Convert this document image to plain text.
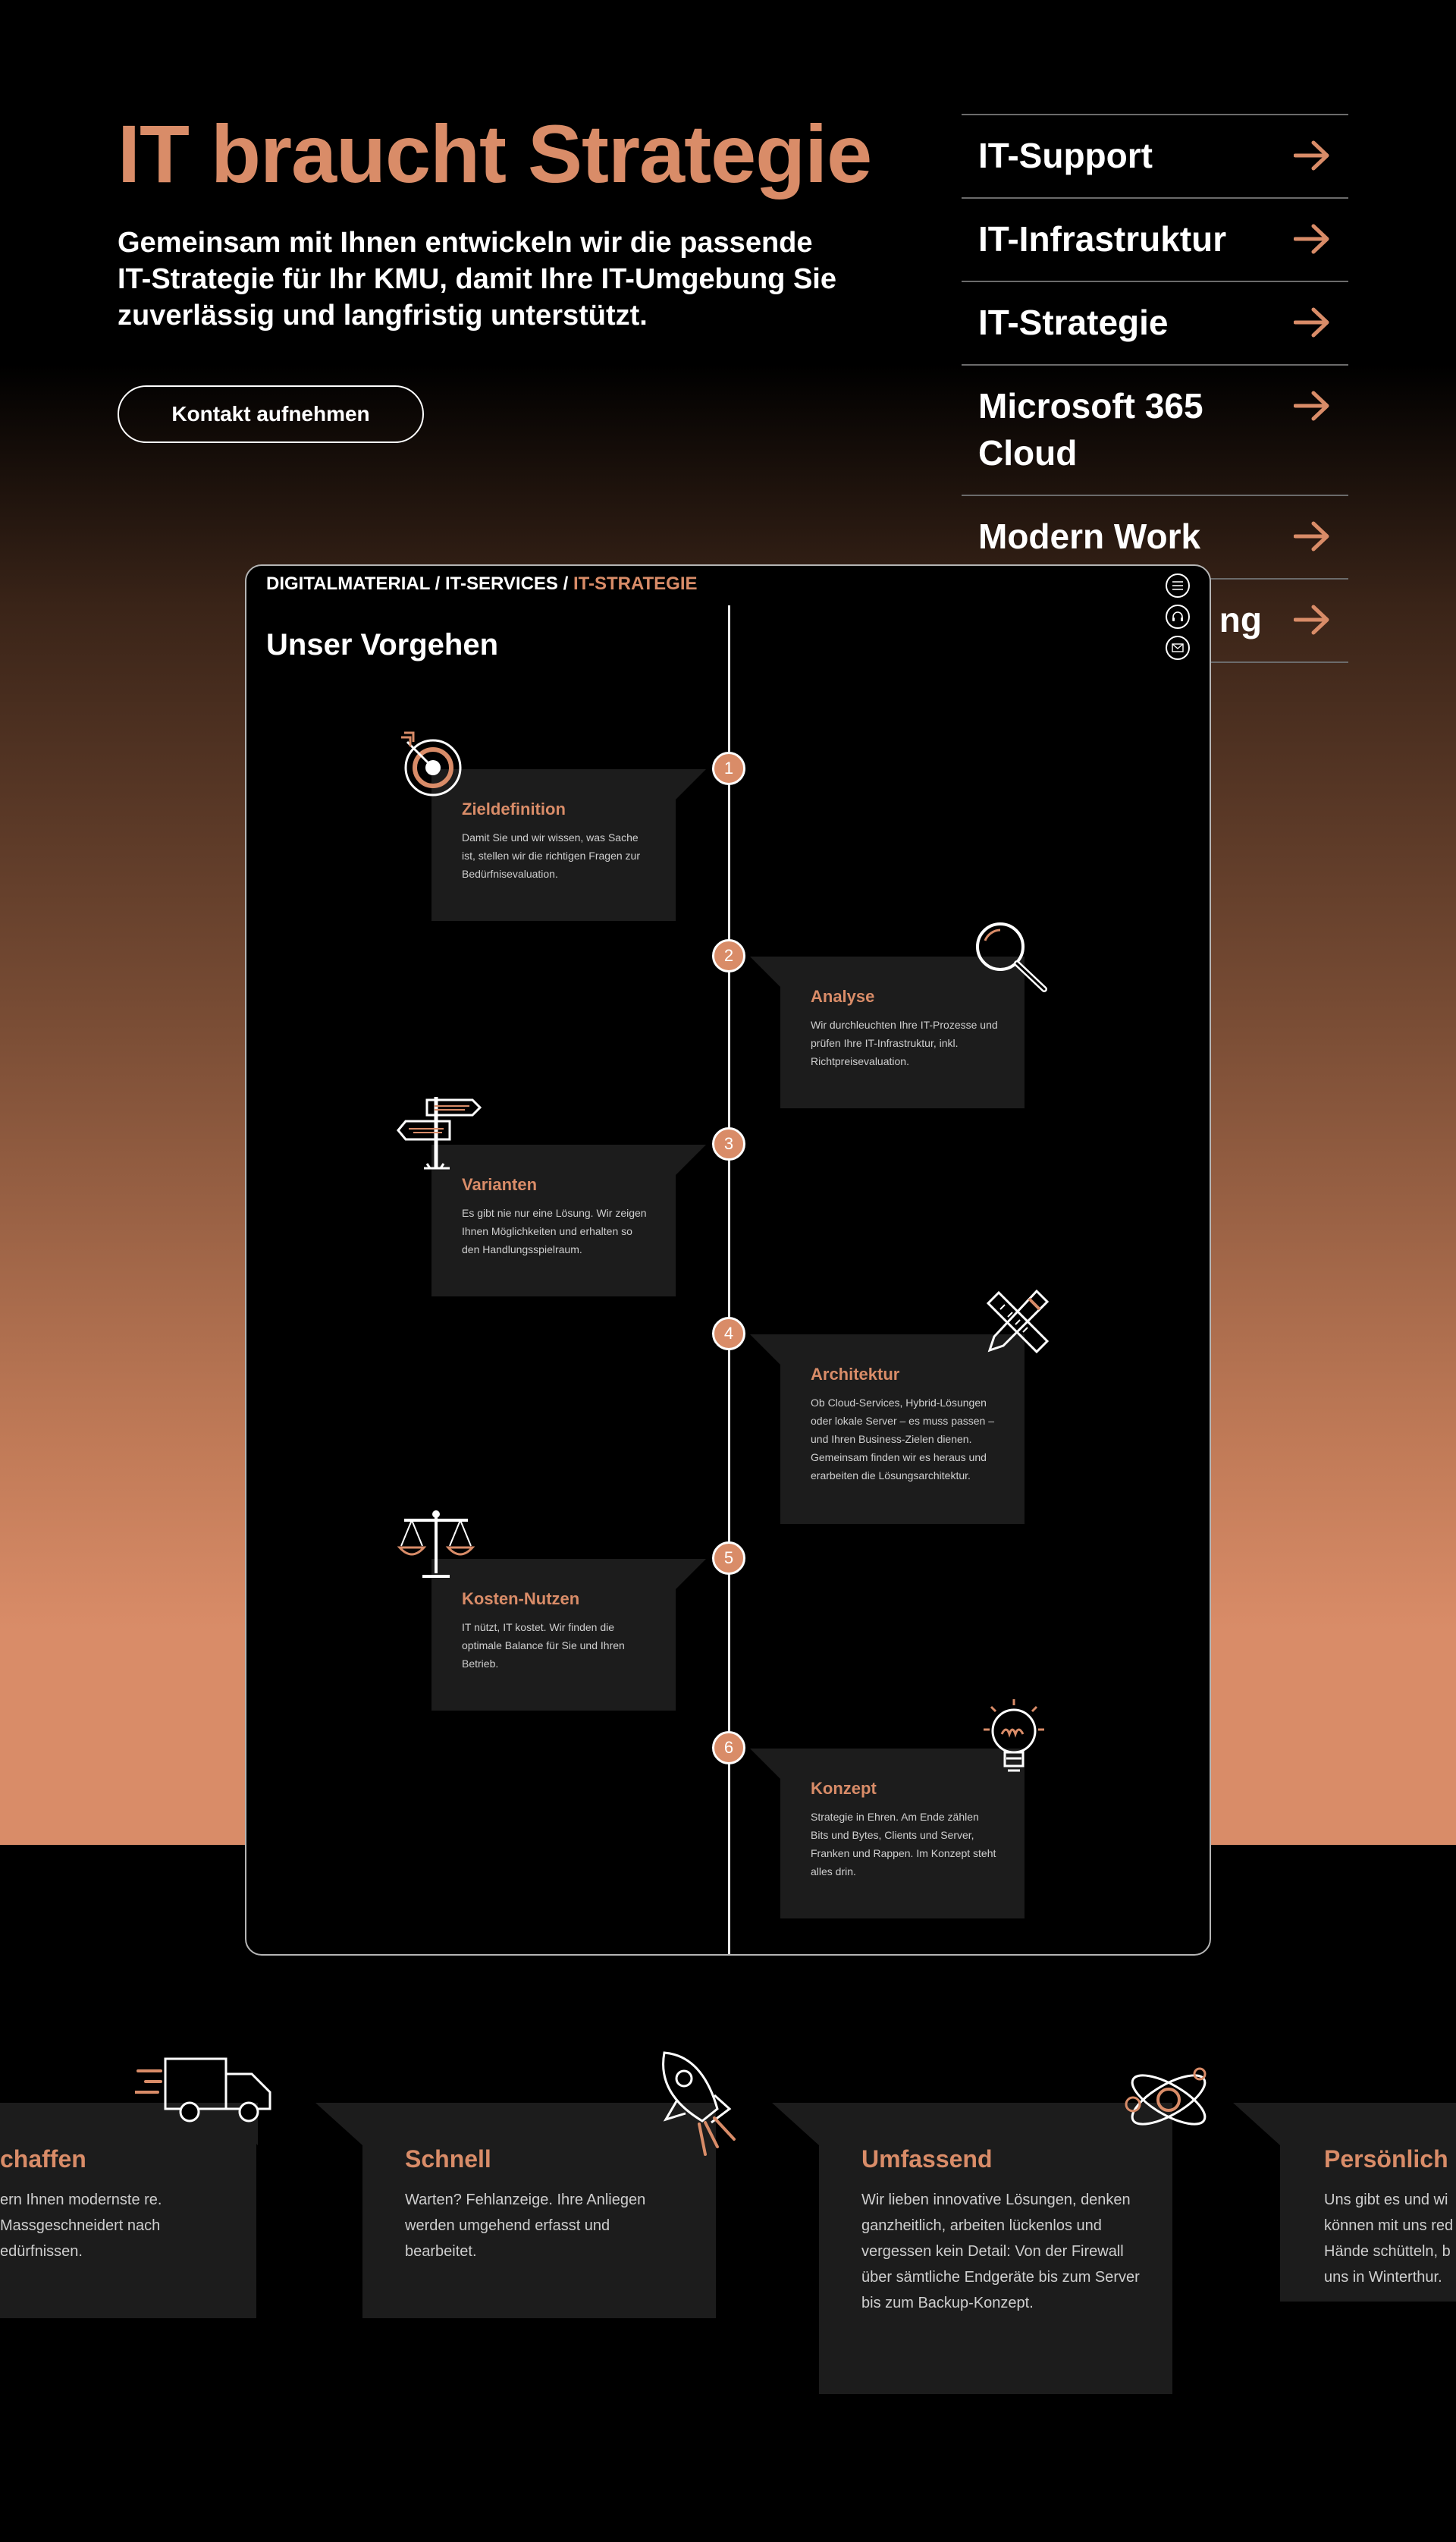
IT braucht Strategie

Gemeinsam mit Ihnen entwickeln wir die passende IT-Strategie für Ihr KMU, damit Ihre IT-Umgebung Sie zuverlässig und langfristig unterstützt.

Kontakt aufnehmen
IT-Support
IT-Infrastruktur
IT-Strategie
Microsoft 365 Cloud
Modern Work
ng
DIGITALMATERIAL / IT-SERVICES / IT-STRATEGIE
Unser Vorgehen
1
Zieldefinition

Damit Sie und wir wissen, was Sache ist, stellen wir die richtigen Fragen zur Bedürfnisevaluation.

2
Analyse

Wir durchleuchten Ihre IT-Prozesse und prüfen Ihre IT-Infrastruktur, inkl. Richtpreisevaluation.

3
Varianten

Es gibt nie nur eine Lösung. Wir zeigen Ihnen Möglichkeiten und erhalten so den Handlungsspielraum.

4
Architektur

Ob Cloud-Services, Hybrid-Lösungen oder lokale Server – es muss passen – und Ihren Business-Zielen dienen. Gemeinsam finden wir es heraus und erarbeiten die Lösungsarchitektur.

5
Kosten-Nutzen

IT nützt, IT kostet. Wir finden die optimale Balance für Sie und Ihren Betrieb.

6
Konzept

Strategie in Ehren. Am Ende zählen Bits und Bytes, Clients und Server, Franken und Rappen. Im Konzept steht alles drin.

chaffen

ern Ihnen modernste re. Massgeschneidert nach edürfnissen.

Schnell

Warten? Fehlanzeige. Ihre Anliegen werden umgehend erfasst und bearbeitet.

Umfassend

Wir lieben innovative Lösungen, denken ganzheitlich, arbeiten lückenlos und vergessen kein Detail: Von der Firewall über sämtliche Endgeräte bis zum Server bis zum Backup-Konzept.

Persönlich

Uns gibt es und wi können mit uns red Hände schütteln, b uns in Winterthur.
